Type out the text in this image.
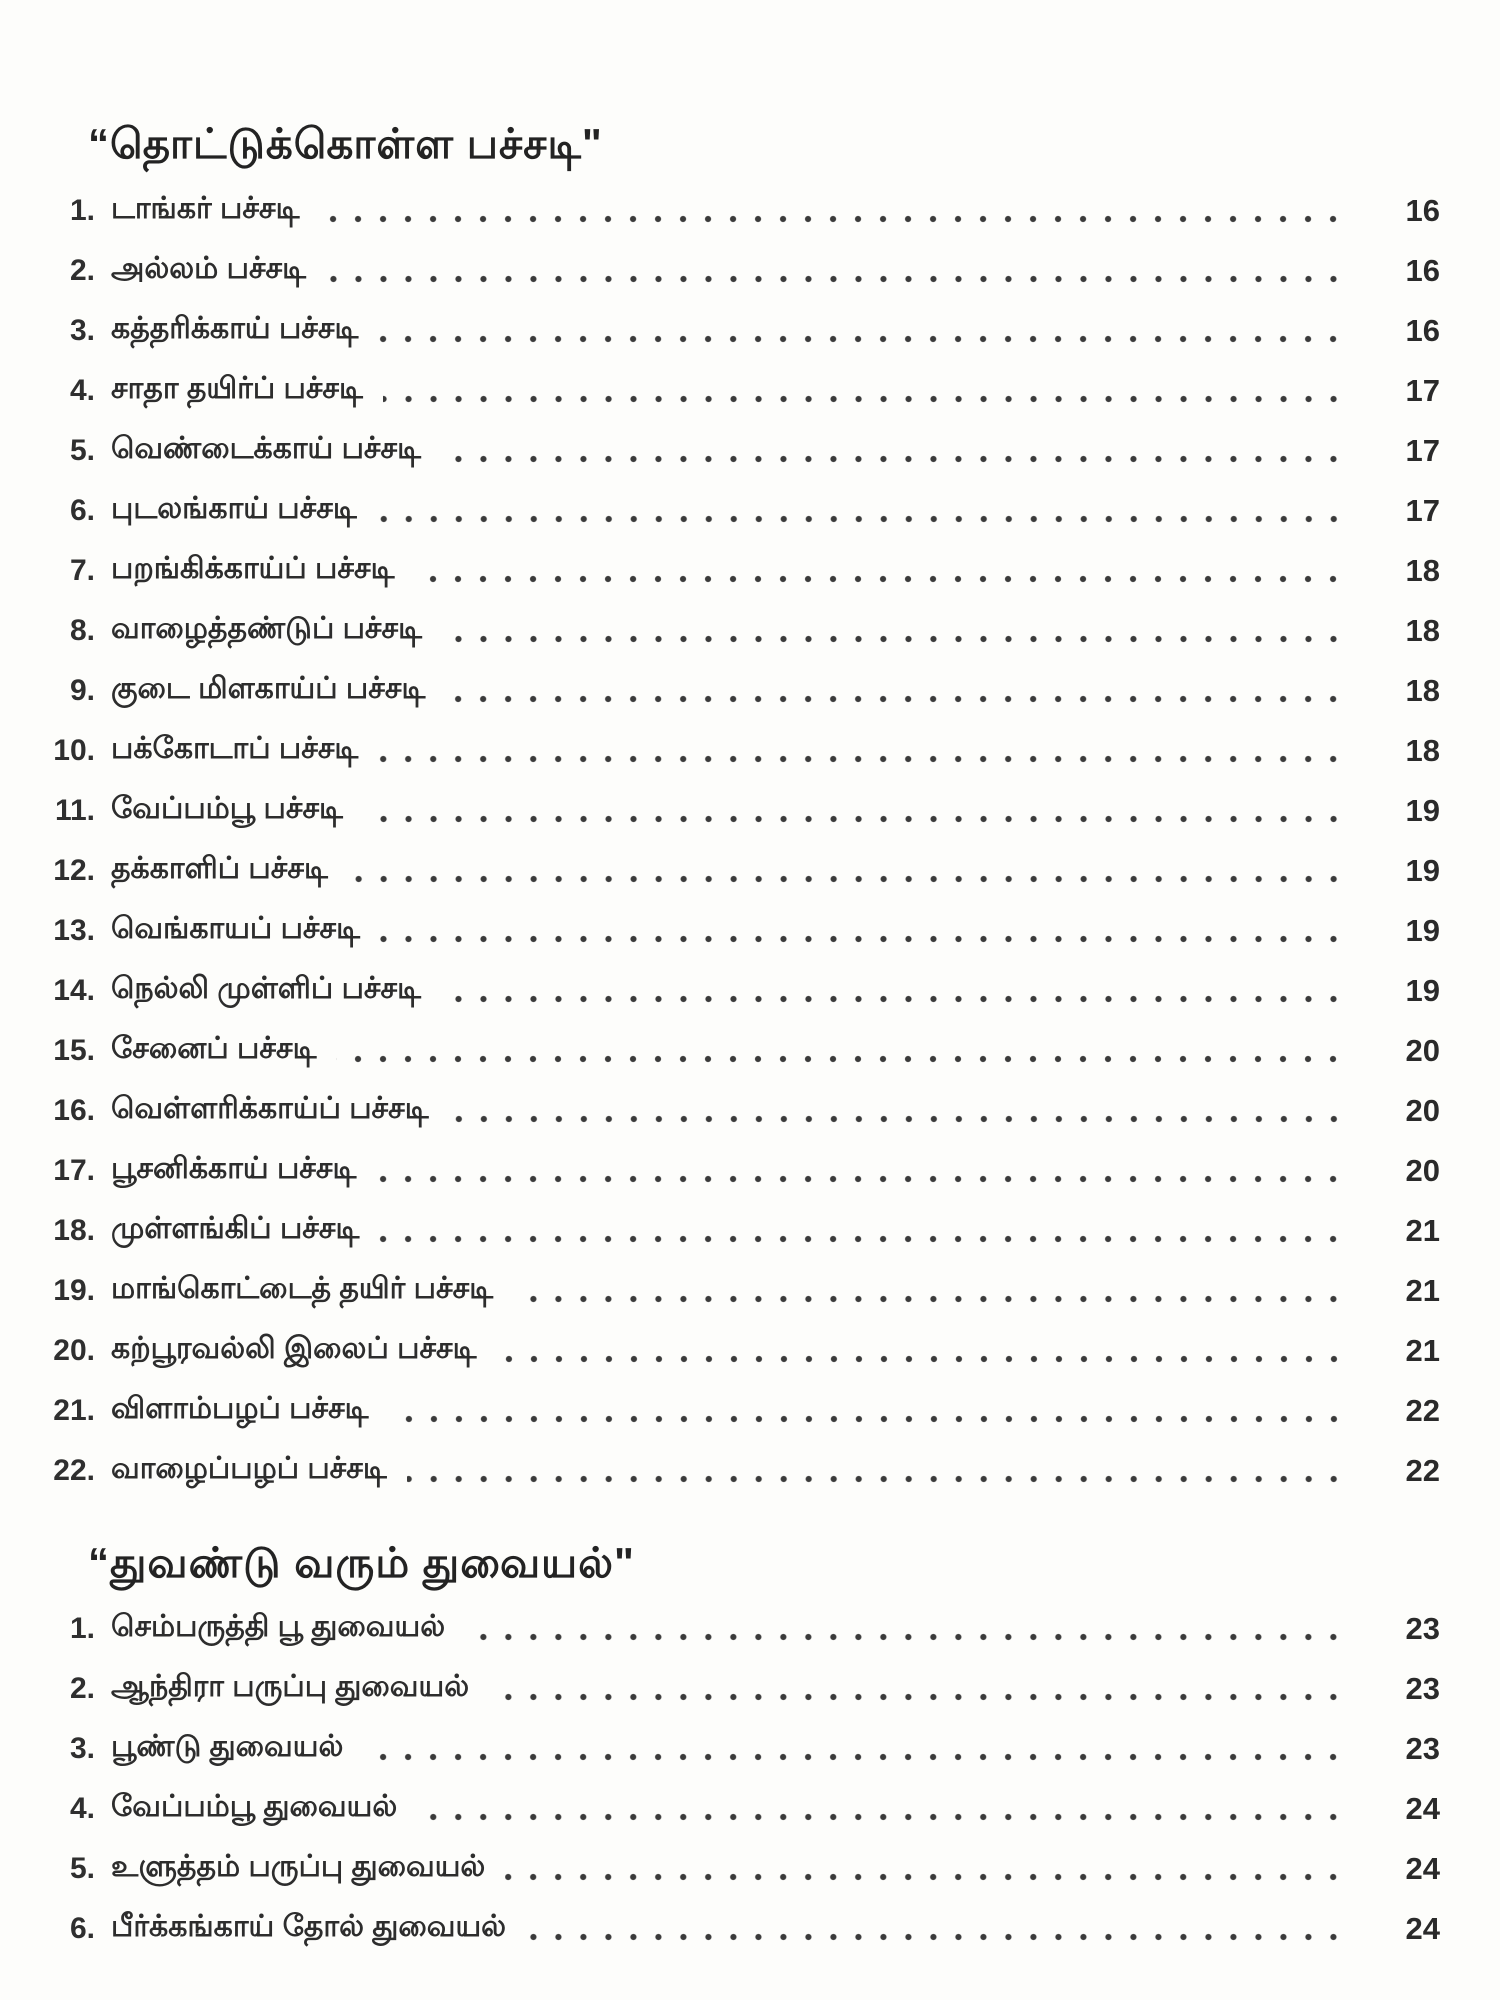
“தொட்டுக்கொள்ள பச்சடி"
1. டாங்கர் பச்சடி	16
2. அல்லம் பச்சடி	16
3. கத்தரிக்காய் பச்சடி	16
4. சாதா தயிர்ப் பச்சடி	17
5. வெண்டைக்காய் பச்சடி	17
6. புடலங்காய் பச்சடி	17
7. பறங்கிக்காய்ப் பச்சடி	18
8. வாழைத்தண்டுப் பச்சடி	18
9. குடை மிளகாய்ப் பச்சடி	18
10. பக்கோடாப் பச்சடி	18
11. வேப்பம்பூ பச்சடி	19
12. தக்காளிப் பச்சடி	19
13. வெங்காயப் பச்சடி	19
14. நெல்லி முள்ளிப் பச்சடி	19
15. சேனைப் பச்சடி	20
16. வெள்ளரிக்காய்ப் பச்சடி	20
17. பூசனிக்காய் பச்சடி	20
18. முள்ளங்கிப் பச்சடி	21
19. மாங்கொட்டைத் தயிர் பச்சடி	21
20. கற்பூரவல்லி இலைப் பச்சடி	21
21. விளாம்பழப் பச்சடி	22
22. வாழைப்பழப் பச்சடி	22
“துவண்டு வரும் துவையல்"
1. செம்பருத்தி பூ துவையல்	23
2. ஆந்திரா பருப்பு துவையல்	23
3. பூண்டு துவையல்	23
4. வேப்பம்பூ துவையல்	24
5. உளுத்தம் பருப்பு துவையல்	24
6. பீர்க்கங்காய் தோல் துவையல்	24
